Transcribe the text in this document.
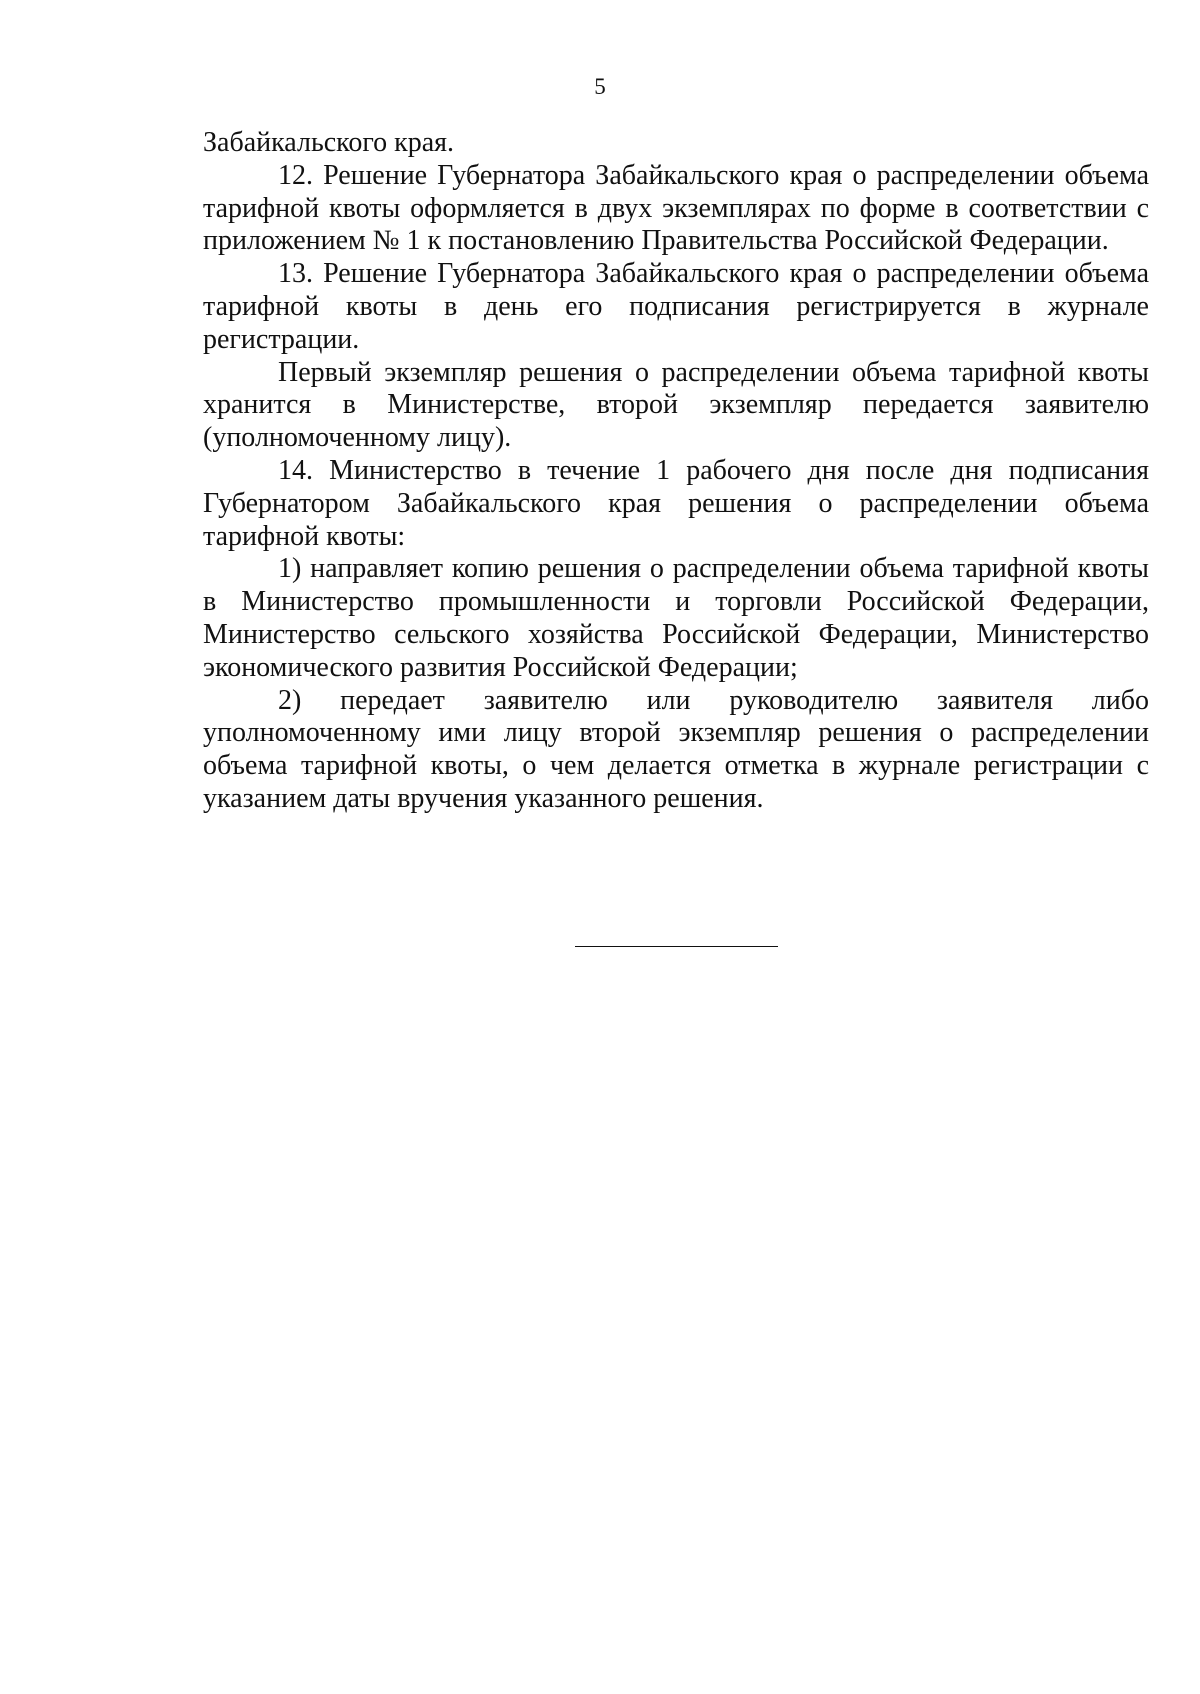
5

Забайкальского края.

12. Решение Губернатора Забайкальского края о распределении объема тарифной квоты оформляется в двух экземплярах по форме в соответствии с приложением № 1 к постановлению Правительства Российской Федерации.

13. Решение Губернатора Забайкальского края о распределении объема тарифной квоты в день его подписания регистрируется в журнале регистрации.

Первый экземпляр решения о распределении объема тарифной квоты хранится в Министерстве, второй экземпляр передается заявителю (уполномоченному лицу).

14. Министерство в течение 1 рабочего дня после дня подписания Губернатором Забайкальского края решения о распределении объема тарифной квоты:

1) направляет копию решения о распределении объема тарифной квоты в Министерство промышленности и торговли Российской Федерации, Министерство сельского хозяйства Российской Федерации, Министерство экономического развития Российской Федерации;

2) передает заявителю или руководителю заявителя либо уполномоченному ими лицу второй экземпляр решения о распределении объема тарифной квоты, о чем делается отметка в журнале регистрации с указанием даты вручения указанного решения.
